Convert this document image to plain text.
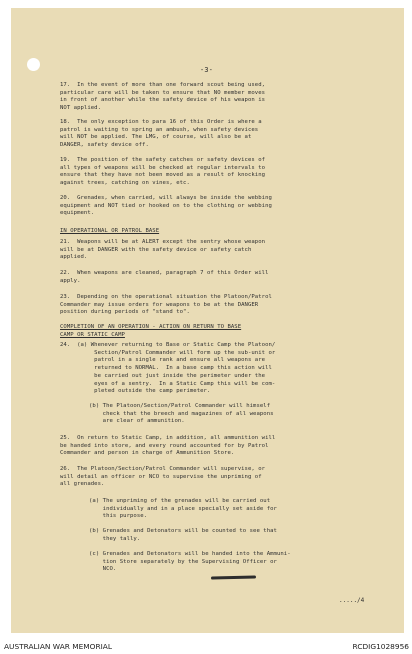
-3-
17.  In the event of more than one forward scout being used,
particular care will be taken to ensure that NO member moves
in front of another while the safety device of his weapon is
NOT applied.
18.  The only exception to para 16 of this Order is where a
patrol is waiting to spring an ambush, when safety devices
will NOT be applied. The LMG, of course, will also be at
DANGER, safety device off.
19.  The position of the safety catches or safety devices of
all types of weapons will be checked at regular intervals to
ensure that they have not been moved as a result of knocking
against trees, catching on vines, etc.
20.  Grenades, when carried, will always be inside the webbing
equipment and NOT tied or hooked on to the clothing or webbing
equipment.
IN OPERATIONAL OR PATROL BASE
21.  Weapons will be at ALERT except the sentry whose weapon
will be at DANGER with the safety device or safety catch
applied.
22.  When weapons are cleaned, paragraph 7 of this Order will
apply.
23.  Depending on the operational situation the Platoon/Patrol
Commander may issue orders for weapons to be at the DANGER
position during periods of "stand to".
COMPLETION OF AN OPERATION - ACTION ON RETURN TO BASE
CAMP OR STATIC CAMP
24.  (a) Whenever returning to Base or Static Camp the Platoon/
Section/Patrol Commander will form up the sub-unit or
patrol in a single rank and ensure all weapons are
returned to NORMAL.  In a base camp this action will
be carried out just inside the perimeter under the
eyes of a sentry.  In a Static Camp this will be com-
pleted outside the camp perimeter.
(b) The Platoon/Section/Patrol Commander will himself
check that the breech and magazines of all weapons
are clear of ammunition.
25.  On return to Static Camp, in addition, all ammunition will
be handed into store, and every round accounted for by Patrol
Commander and person in charge of Ammunition Store.
26.  The Platoon/Section/Patrol Commander will supervise, or
will detail an officer or NCO to supervise the unpriming of
all grenades.
(a) The unpriming of the grenades will be carried out
individually and in a place specially set aside for
this purpose.
(b) Grenades and Detonators will be counted to see that
they tally.
(c) Grenades and Detonators will be handed into the Ammuni-
tion Store separately by the Supervising Officer or
NCO.
...../4
AUSTRALIAN WAR MEMORIAL	RCDIG1028956
